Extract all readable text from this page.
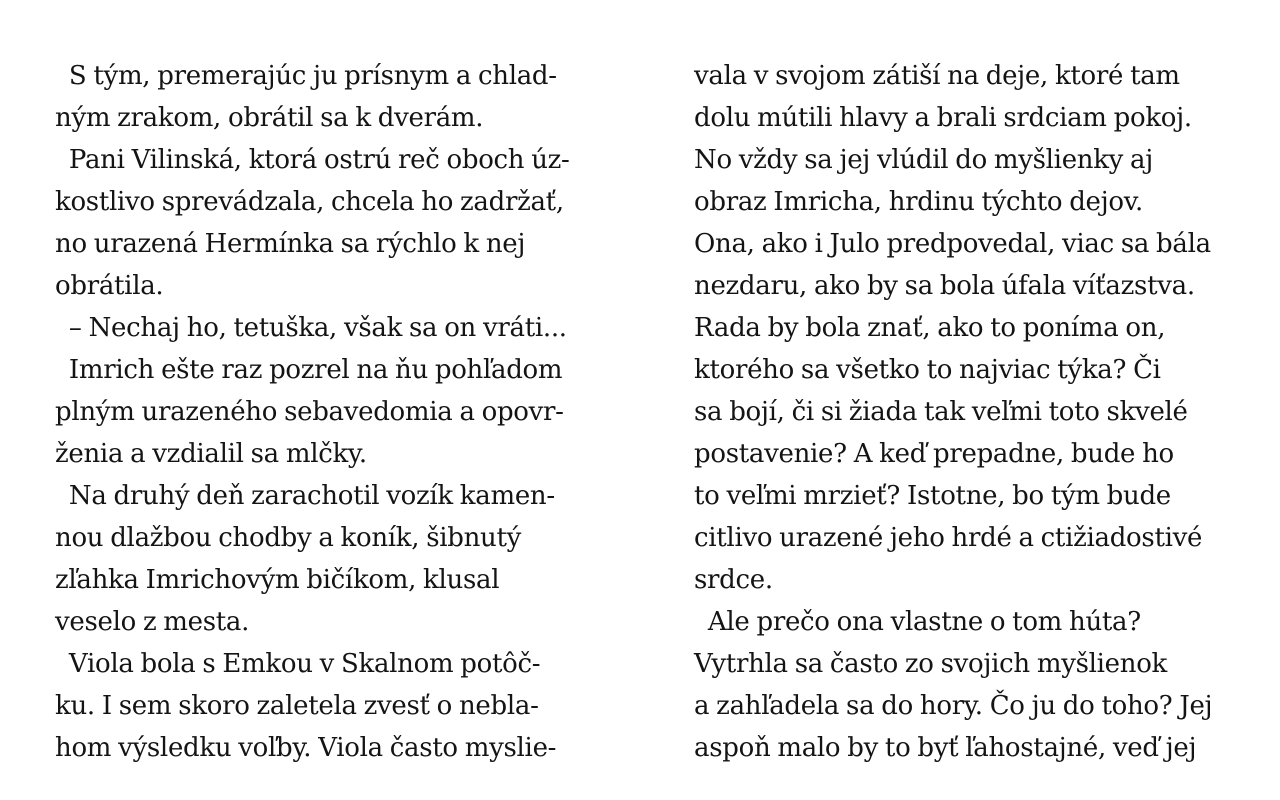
S tým, premerajúc ju prísnym a chlad-
ným zrakom, obrátil sa k dverám.
Pani Vilinská, ktorá ostrú reč oboch úz-
kostlivo sprevádzala, chcela ho zadržať,
no urazená Hermínka sa rýchlo k nej
obrátila.
– Nechaj ho, tetuška, však sa on vráti...
Imrich ešte raz pozrel na ňu pohľadom
plným urazeného sebavedomia a opovr-
ženia a vzdialil sa mlčky.
Na druhý deň zarachotil vozík kamen-
nou dlažbou chodby a koník, šibnutý
zľahka Imrichovým bičíkom, klusal
veselo z mesta.
Viola bola s Emkou v Skalnom potôč-
ku. I sem skoro zaletela zvesť o nebla-
hom výsledku voľby. Viola často myslie-
vala v svojom zátiší na deje, ktoré tam
dolu mútili hlavy a brali srdciam pokoj.
No vždy sa jej vlúdil do myšlienky aj
obraz Imricha, hrdinu týchto dejov.
Ona, ako i Julo predpovedal, viac sa bála
nezdaru, ako by sa bola úfala víťazstva.
Rada by bola znať, ako to poníma on,
ktorého sa všetko to najviac týka? Či
sa bojí, či si žiada tak veľmi toto skvelé
postavenie? A keď prepadne, bude ho
to veľmi mrzieť? Istotne, bo tým bude
citlivo urazené jeho hrdé a ctižiadostivé
srdce.
Ale prečo ona vlastne o tom húta?
Vytrhla sa často zo svojich myšlienok
a zahľadela sa do hory. Čo ju do toho? Jej
aspoň malo by to byť ľahostajné, veď jej
